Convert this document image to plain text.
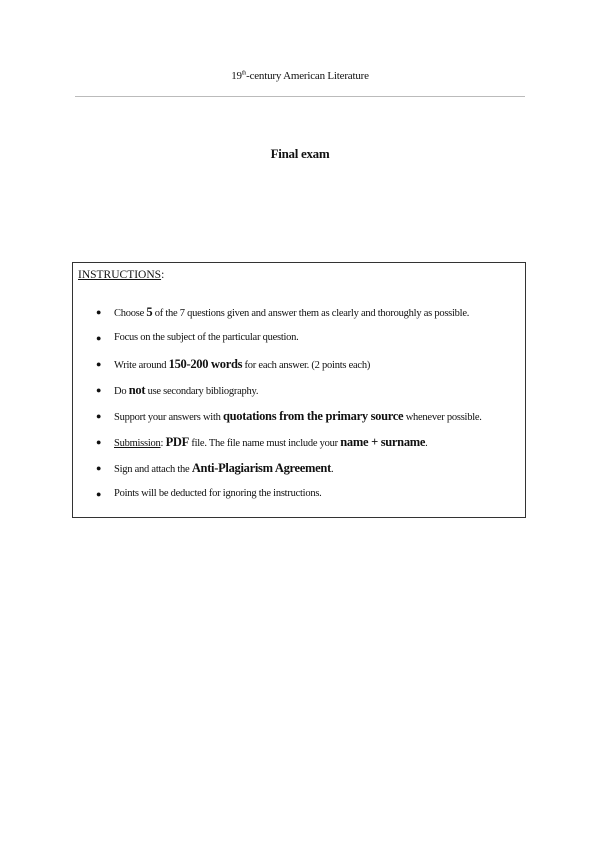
19th-century American Literature
Final exam
INSTRUCTIONS:
● Choose 5 of the 7 questions given and answer them as clearly and thoroughly as possible.
● Focus on the subject of the particular question.
● Write around 150-200 words for each answer. (2 points each)
● Do not use secondary bibliography.
● Support your answers with quotations from the primary source whenever possible.
● Submission: PDF file. The file name must include your name + surname.
● Sign and attach the Anti-Plagiarism Agreement.
● Points will be deducted for ignoring the instructions.
